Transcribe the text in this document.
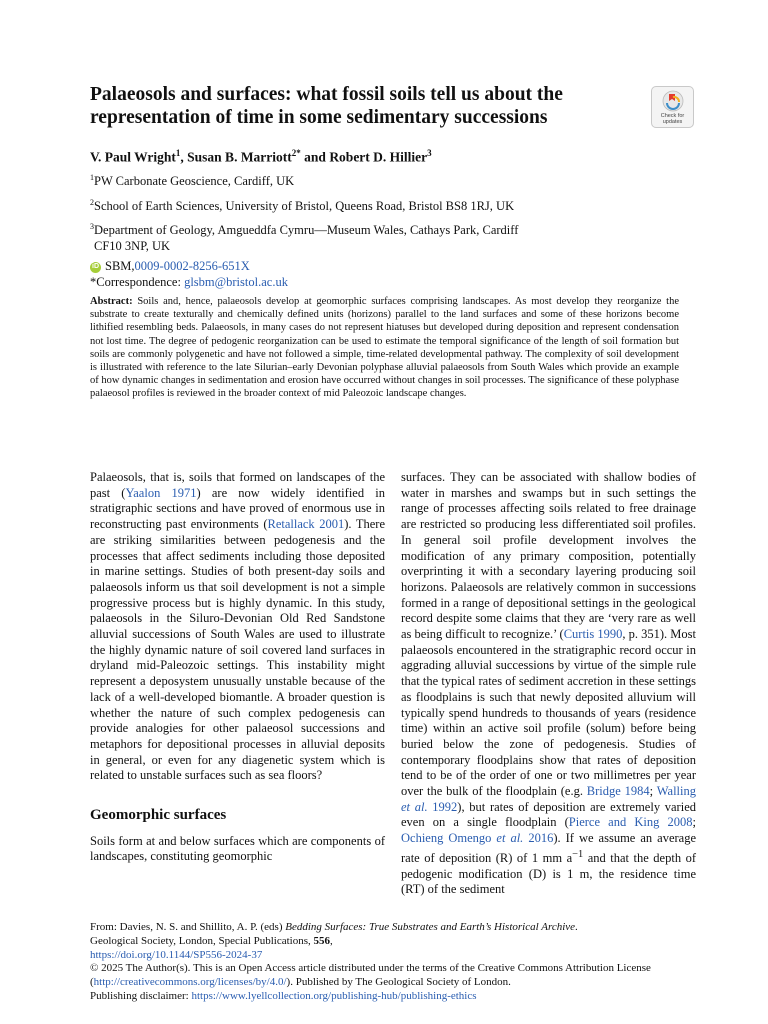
Palaeosols and surfaces: what fossil soils tell us about the representation of time in some sedimentary successions	Check for
updates
V. Paul Wright$^1$, Susan B. Marriott$^{2*}$ and Robert D. Hillier$^3$
$^1$PW Carbonate Geoscience, Cardiff, UK
$^2$School of Earth Sciences, University of Bristol, Queens Road, Bristol BS8 1RJ, UK
$^3$Department of Geology, Amgueddfa Cymru—Museum Wales, Cathays Park, Cardiff
CF10 3NP, UK
iD SBM, 0009-0002-8256-651X
*Correspondence: glsbm@bristol.ac.uk

Abstract: Soils and, hence, palaeosols develop at geomorphic surfaces comprising landscapes. As most develop they reorganize the substrate to create texturally and chemically defined units (horizons) parallel to the land surfaces and some of these horizons become lithified resembling beds. Palaeosols, in many cases do not represent hiatuses but developed during deposition and represent condensation not lost time. The degree of pedogenic reorganization can be used to estimate the temporal significance of the length of soil formation but soils are commonly polygenetic and have not followed a simple, time-related developmental pathway. The complexity of soil development is illustrated with reference to the late Silurian–early Devonian polyphase alluvial palaeosols from South Wales which provide an example of how dynamic changes in sedimentation and erosion have occurred without changes in soil processes. The significance of these polyphase palaeosol profiles is reviewed in the broader context of mid Paleozoic landscape changes.

Palaeosols, that is, soils that formed on landscapes of the past (Yaalon 1971) are now widely identified in stratigraphic sections and have proved of enormous use in reconstructing past environments (Retallack 2001). There are striking similarities between pedogenesis and the processes that affect sediments including those deposited in marine settings. Studies of both present-day soils and palaeosols inform us that soil development is not a simple progressive process but is highly dynamic. In this study, palaeosols in the Siluro-Devonian Old Red Sandstone alluvial successions of South Wales are used to illustrate the highly dynamic nature of soil covered land surfaces in dryland mid-Paleozoic settings. This instability might represent a deposystem unusually unstable because of the lack of a well-developed biomantle. A broader question is whether the nature of such complex pedogenesis can provide analogies for other palaeosol successions and metaphors for depositional processes in alluvial deposits in general, or even for any diagenetic system which is related to unstable surfaces such as sea floors?

Geomorphic surfaces

Soils form at and below surfaces which are components of landscapes, constituting geomorphic

surfaces. They can be associated with shallow bodies of water in marshes and swamps but in such settings the range of processes affecting soils related to free drainage are restricted so producing less differentiated soil profiles. In general soil profile development involves the modification of any primary composition, potentially overprinting it with a secondary layering producing soil horizons. Palaeosols are relatively common in successions formed in a range of depositional settings in the geological record despite some claims that they are ‘very rare as well as being difficult to recognize.’ (Curtis 1990, p. 351). Most palaeosols encountered in the stratigraphic record occur in aggrading alluvial successions by virtue of the simple rule that the typical rates of sediment accretion in these settings as floodplains is such that newly deposited alluvium will typically spend hundreds to thousands of years (residence time) within an active soil profile (solum) before being buried below the zone of pedogenesis. Studies of contemporary floodplains show that rates of deposition tend to be of the order of one or two millimetres per year over the bulk of the floodplain (e.g. Bridge 1984; Walling et al. 1992), but rates of deposition are extremely varied even on a single floodplain (Pierce and King 2008; Ochieng Omengo et al. 2016). If we assume an average rate of deposition (R) of 1 mm $a^{-1}$ and that the depth of pedogenic modification (D) is 1 m, the residence time (RT) of the sediment

From: Davies, N. S. and Shillito, A. P. (eds) Bedding Surfaces: True Substrates and Earth’s Historical Archive.
Geological Society, London, Special Publications, 556,
https://doi.org/10.1144/SP556-2024-37
© 2025 The Author(s). This is an Open Access article distributed under the terms of the Creative Commons Attribution License (http://creativecommons.org/licenses/by/4.0/). Published by The Geological Society of London.
Publishing disclaimer: https://www.lyellcollection.org/publishing-hub/publishing-ethics
